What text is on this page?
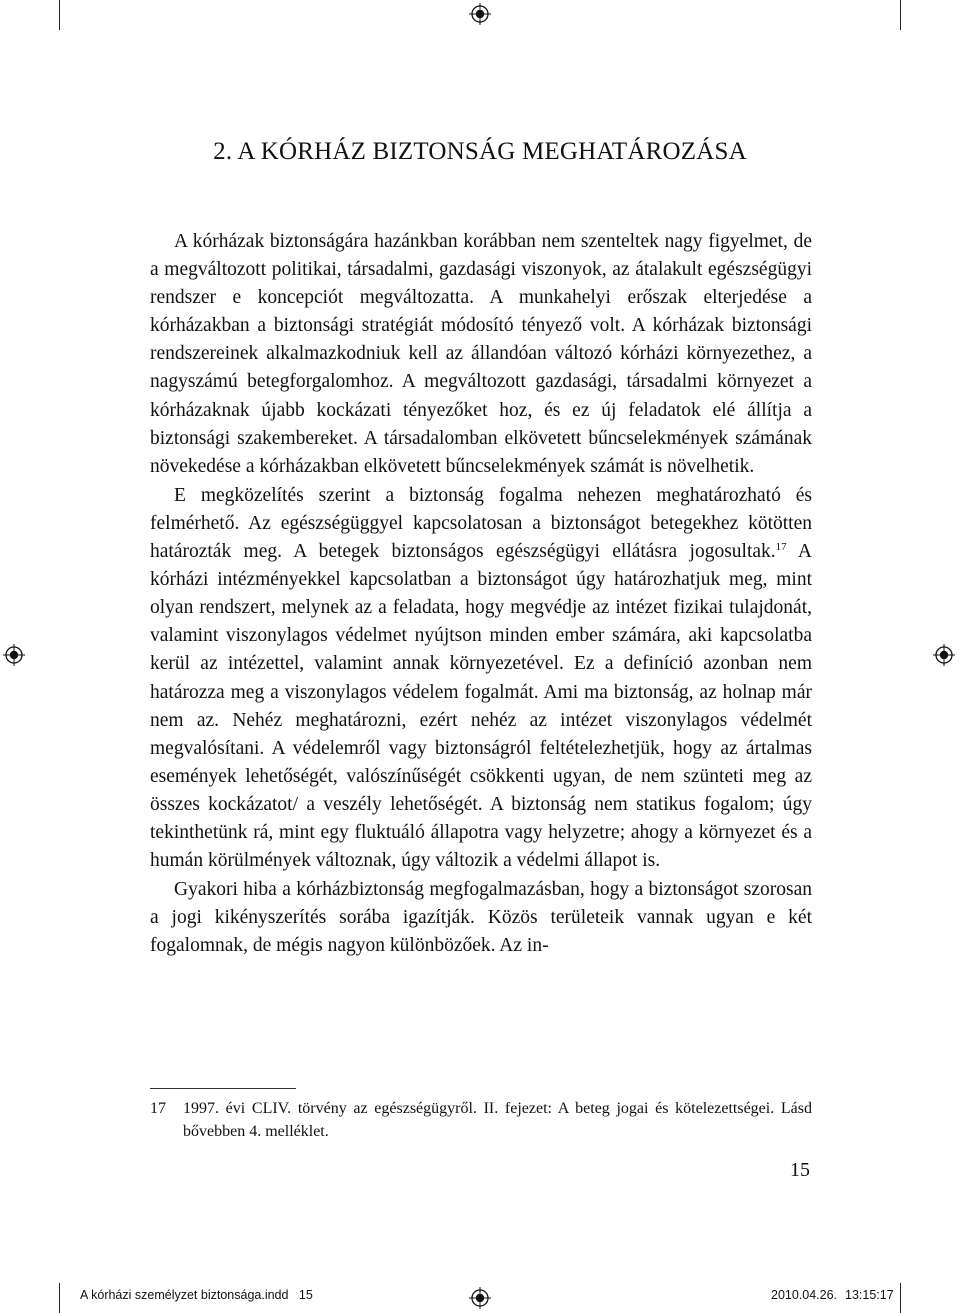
2. A KÓRHÁZ BIZTONSÁG MEGHATÁROZÁSA

A kórházak biztonságára hazánkban korábban nem szenteltek nagy figyelmet, de a megváltozott politikai, társadalmi, gazdasági viszonyok, az átalakult egészségügyi rendszer e koncepciót megváltozatta. A munkahelyi erőszak elterjedése a kórházakban a biztonsági stratégiát módosító tényező volt. A kórházak biztonsági rendszereinek alkalmazkodniuk kell az állandóan változó kórházi környezethez, a nagyszámú betegforgalomhoz. A megváltozott gazdasági, társadalmi környezet a kórházaknak újabb kockázati tényezőket hoz, és ez új feladatok elé állítja a biztonsági szakembereket. A társadalomban elkövetett bűncselekmények számának növekedése a kórházakban elkövetett bűncselekmények számát is növelhetik.

E megközelítés szerint a biztonság fogalma nehezen meghatározható és felmérhető. Az egészségüggyel kapcsolatosan a biztonságot betegekhez kötötten határozták meg. A betegek biztonságos egészségügyi ellátásra jogosultak.$^{17}$ A kórházi intézményekkel kapcsolatban a biztonságot úgy határozhatjuk meg, mint olyan rendszert, melynek az a feladata, hogy megvédje az intézet fizikai tulajdonát, valamint viszonylagos védelmet nyújtson minden ember számára, aki kapcsolatba kerül az intézettel, valamint annak környezetével. Ez a definíció azonban nem határozza meg a viszonylagos védelem fogalmát. Ami ma biztonság, az holnap már nem az. Nehéz meghatározni, ezért nehéz az intézet viszonylagos védelmét megvalósítani. A védelemről vagy biztonságról feltételezhetjük, hogy az ártalmas események lehetőségét, valószínűségét csökkenti ugyan, de nem szünteti meg az összes kockázatot/ a veszély lehetőségét. A biztonság nem statikus fogalom; úgy tekinthetünk rá, mint egy fluktuáló állapotra vagy helyzetre; ahogy a környezet és a humán körülmények változnak, úgy változik a védelmi állapot is.

Gyakori hiba a kórházbiztonság megfogalmazásban, hogy a biztonságot szorosan a jogi kikényszerítés sorába igazítják. Közös területeik vannak ugyan e két fogalomnak, de mégis nagyon különbözőek. Az in-

17	1997. évi CLIV. törvény az egészségügyről. II. fejezet: A beteg jogai és kötelezettségei. Lásd bővebben 4. melléklet.
15
A kórházi személyzet biztonsága.indd   15	2010.04.26. 13:15:17
